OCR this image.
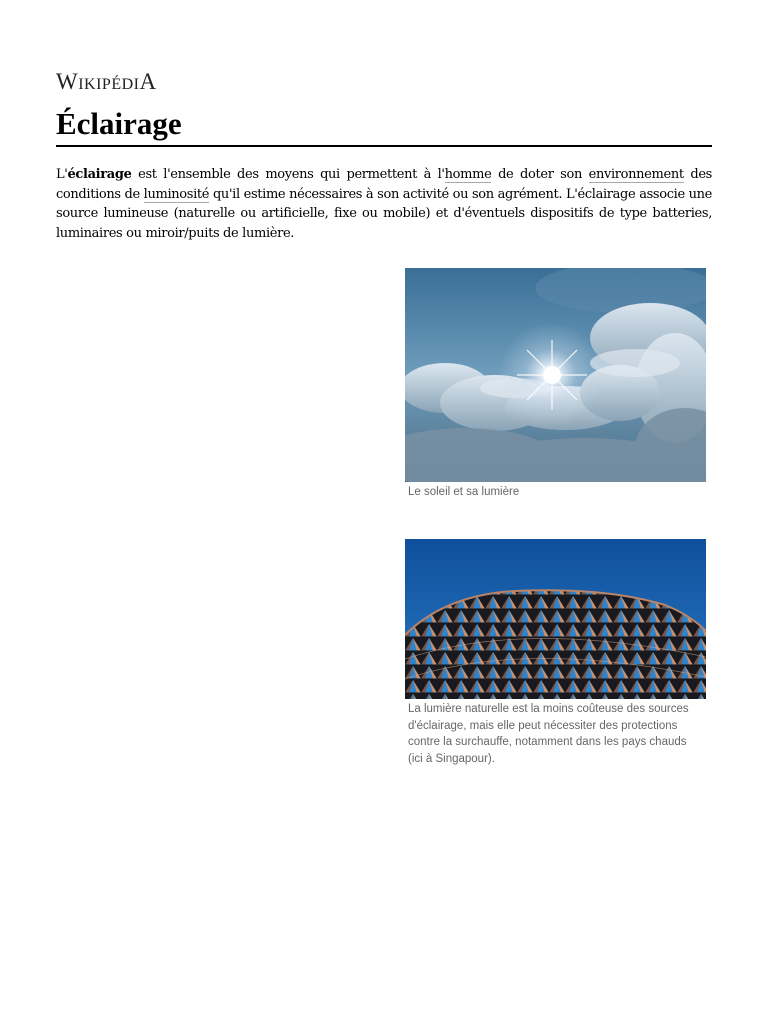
WIKIPÉDIA
Éclairage

L'éclairage est l'ensemble des moyens qui permettent à l'homme de doter son environnement des conditions de luminosité qu'il estime nécessaires à son activité ou son agrément. L'éclairage associe une source lumineuse (naturelle ou artificielle, fixe ou mobile) et d'éventuels dispositifs de type batteries, luminaires ou miroir/puits de lumière.

Le soleil et sa lumière

La lumière naturelle est la moins coûteuse des sources d'éclairage, mais elle peut nécessiter des protections contre la surchauffe, notamment dans les pays chauds (ici à Singapour).
